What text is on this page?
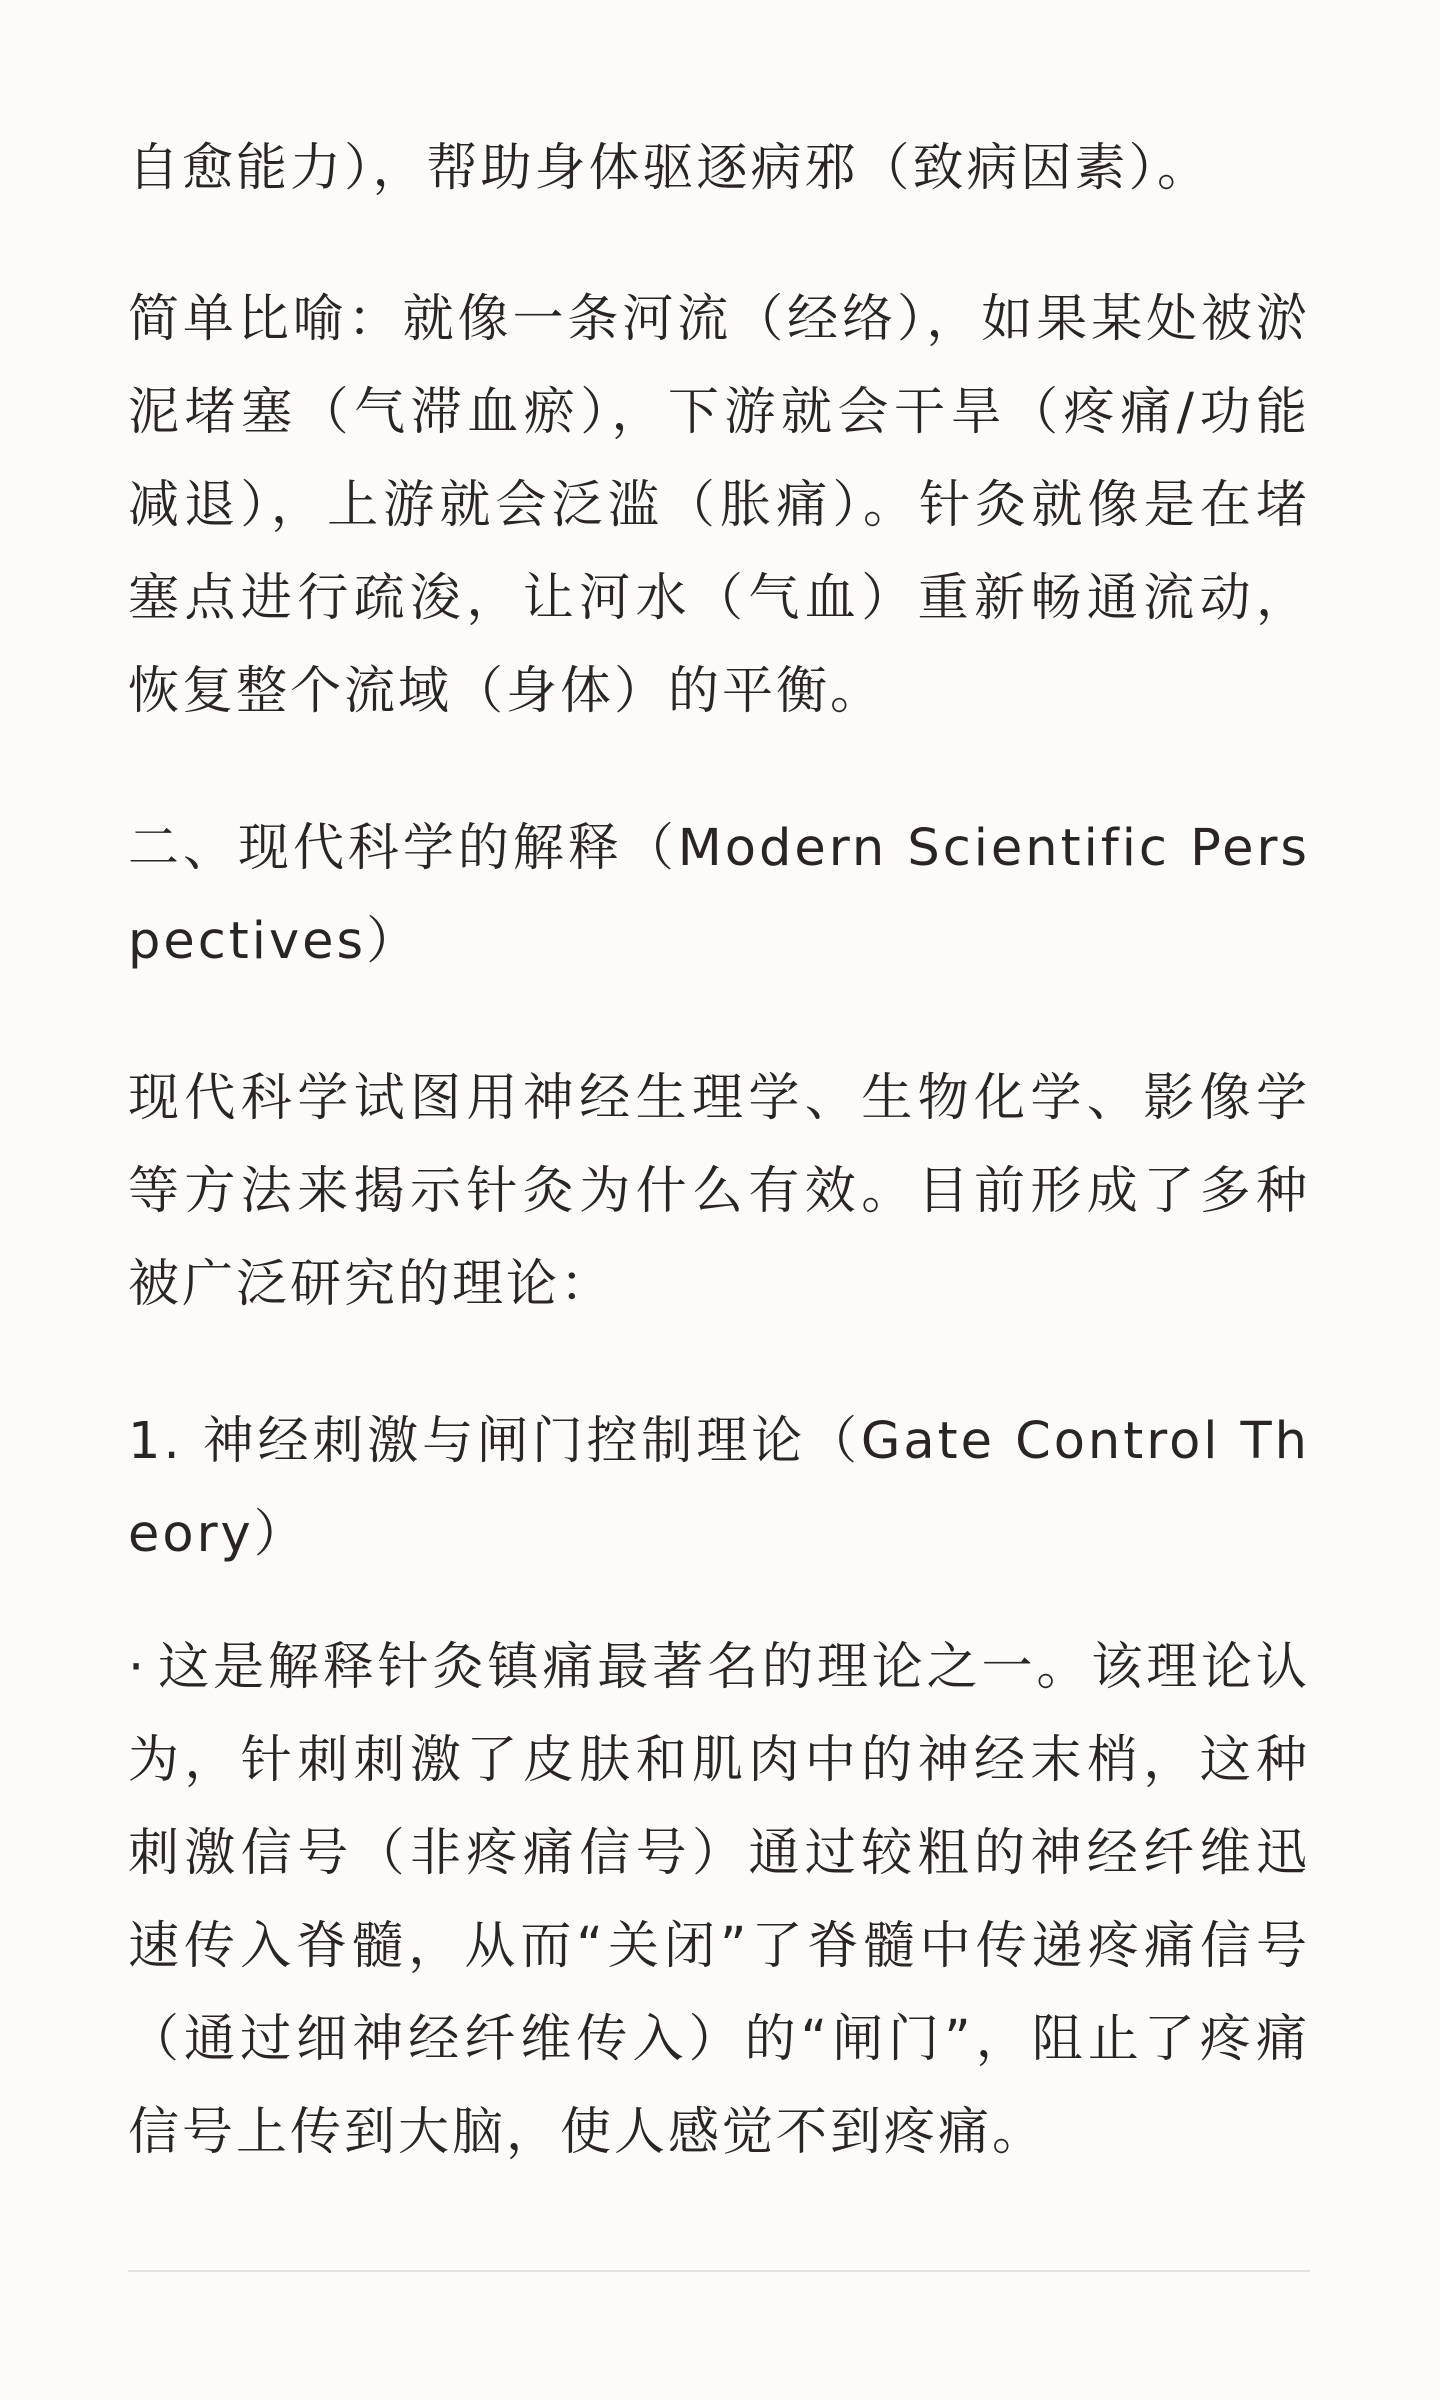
自愈能力），帮助身体驱逐病邪（致病因素）。

简单比喻：就像一条河流（经络），如果某处被淤泥堵塞（气滞血瘀），下游就会干旱（疼痛/功能减退），上游就会泛滥（胀痛）。针灸就像是在堵塞点进行疏浚，让河水（气血）重新畅通流动，恢复整个流域（身体）的平衡。

二、现代科学的解释（Modern Scientific Perspectives）

现代科学试图用神经生理学、生物化学、影像学等方法来揭示针灸为什么有效。目前形成了多种被广泛研究的理论：

1. 神经刺激与闸门控制理论（Gate Control Theory）

· 这是解释针灸镇痛最著名的理论之一。该理论认为，针刺刺激了皮肤和肌肉中的神经末梢，这种刺激信号（非疼痛信号）通过较粗的神经纤维迅速传入脊髓，从而“关闭”了脊髓中传递疼痛信号（通过细神经纤维传入）的“闸门”，阻止了疼痛信号上传到大脑，使人感觉不到疼痛。
